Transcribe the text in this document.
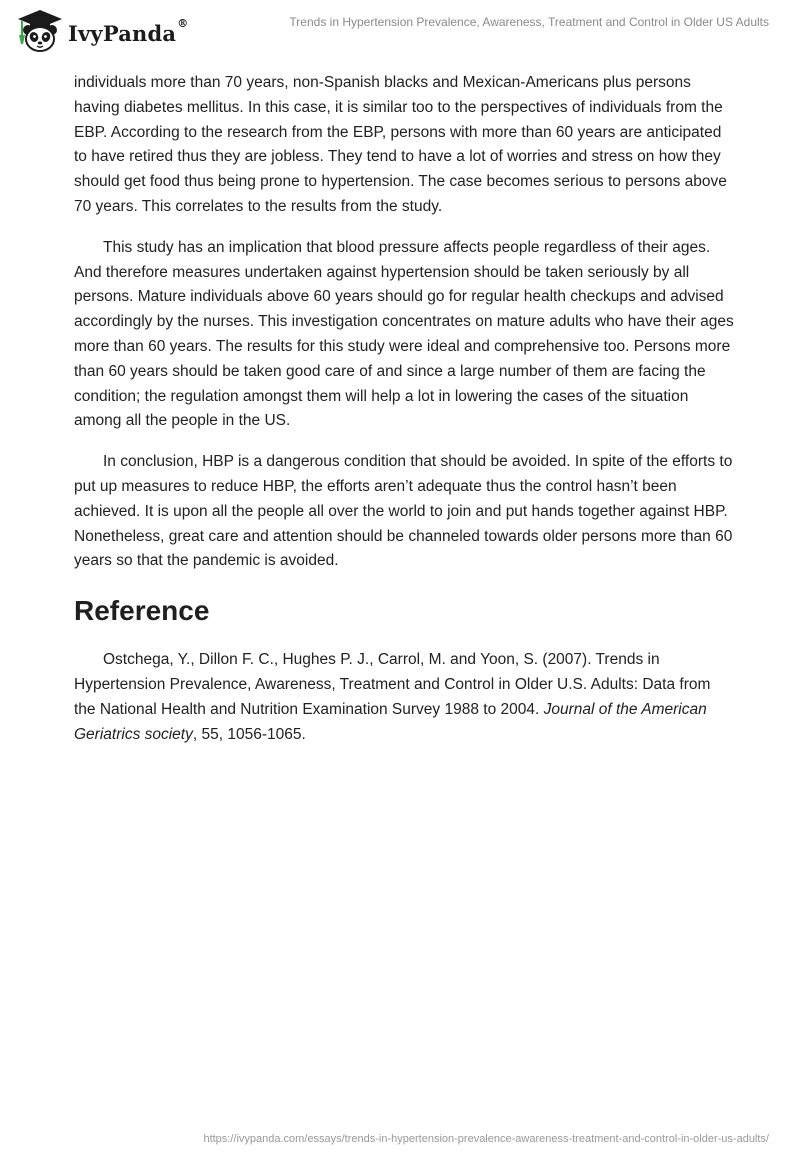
IvyPanda®	Trends in Hypertension Prevalence, Awareness, Treatment and Control in Older US Adults

individuals more than 70 years, non-Spanish blacks and Mexican-Americans plus persons having diabetes mellitus. In this case, it is similar too to the perspectives of individuals from the EBP. According to the research from the EBP, persons with more than 60 years are anticipated to have retired thus they are jobless. They tend to have a lot of worries and stress on how they should get food thus being prone to hypertension. The case becomes serious to persons above 70 years. This correlates to the results from the study.

This study has an implication that blood pressure affects people regardless of their ages. And therefore measures undertaken against hypertension should be taken seriously by all persons. Mature individuals above 60 years should go for regular health checkups and advised accordingly by the nurses. This investigation concentrates on mature adults who have their ages more than 60 years. The results for this study were ideal and comprehensive too. Persons more than 60 years should be taken good care of and since a large number of them are facing the condition; the regulation amongst them will help a lot in lowering the cases of the situation among all the people in the US.

In conclusion, HBP is a dangerous condition that should be avoided. In spite of the efforts to put up measures to reduce HBP, the efforts aren’t adequate thus the control hasn’t been achieved. It is upon all the people all over the world to join and put hands together against HBP. Nonetheless, great care and attention should be channeled towards older persons more than 60 years so that the pandemic is avoided.

Reference

Ostchega, Y., Dillon F. C., Hughes P. J., Carrol, M. and Yoon, S. (2007). Trends in Hypertension Prevalence, Awareness, Treatment and Control in Older U.S. Adults: Data from the National Health and Nutrition Examination Survey 1988 to 2004. Journal of the American Geriatrics society, 55, 1056-1065.

https://ivypanda.com/essays/trends-in-hypertension-prevalence-awareness-treatment-and-control-in-older-us-adults/
